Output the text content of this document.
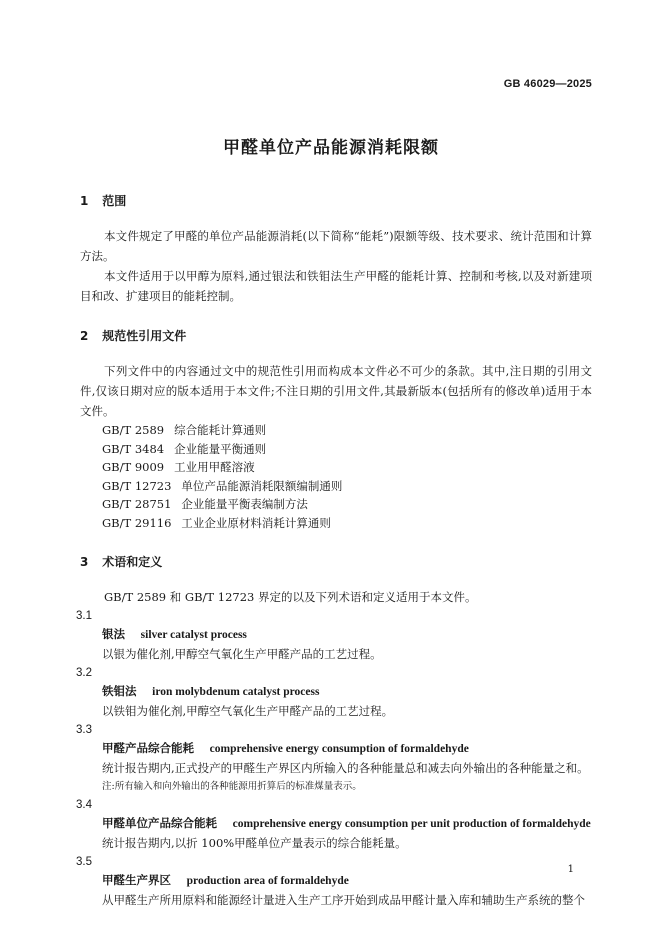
GB 46029—2025
甲醛单位产品能源消耗限额
1 范围

本文件规定了甲醛的单位产品能源消耗(以下简称“能耗”)限额等级、技术要求、统计范围和计算方法。

本文件适用于以甲醇为原料,通过银法和铁钼法生产甲醛的能耗计算、控制和考核,以及对新建项目和改、扩建项目的能耗控制。

2 规范性引用文件

下列文件中的内容通过文中的规范性引用而构成本文件必不可少的条款。其中,注日期的引用文件,仅该日期对应的版本适用于本文件;不注日期的引用文件,其最新版本(包括所有的修改单)适用于本文件。

GB/T 2589 综合能耗计算通则
GB/T 3484 企业能量平衡通则
GB/T 9009 工业用甲醛溶液
GB/T 12723 单位产品能源消耗限额编制通则
GB/T 28751 企业能量平衡表编制方法
GB/T 29116 工业企业原材料消耗计算通则
3 术语和定义

GB/T 2589 和 GB/T 12723 界定的以及下列术语和定义适用于本文件。

3.1
银法 silver catalyst process
以银为催化剂,甲醇空气氧化生产甲醛产品的工艺过程。
3.2
铁钼法 iron molybdenum catalyst process
以铁钼为催化剂,甲醇空气氧化生产甲醛产品的工艺过程。
3.3
甲醛产品综合能耗 comprehensive energy consumption of formaldehyde
统计报告期内,正式投产的甲醛生产界区内所输入的各种能量总和减去向外输出的各种能量之和。
注:所有输入和向外输出的各种能源用折算后的标准煤量表示。
3.4
甲醛单位产品综合能耗 comprehensive energy consumption per unit production of formaldehyde
统计报告期内,以折 100%甲醛单位产量表示的综合能耗量。
3.5
甲醛生产界区 production area of formaldehyde
从甲醛生产所用原料和能源经计量进入生产工序开始到成品甲醛计量入库和辅助生产系统的整个
1
